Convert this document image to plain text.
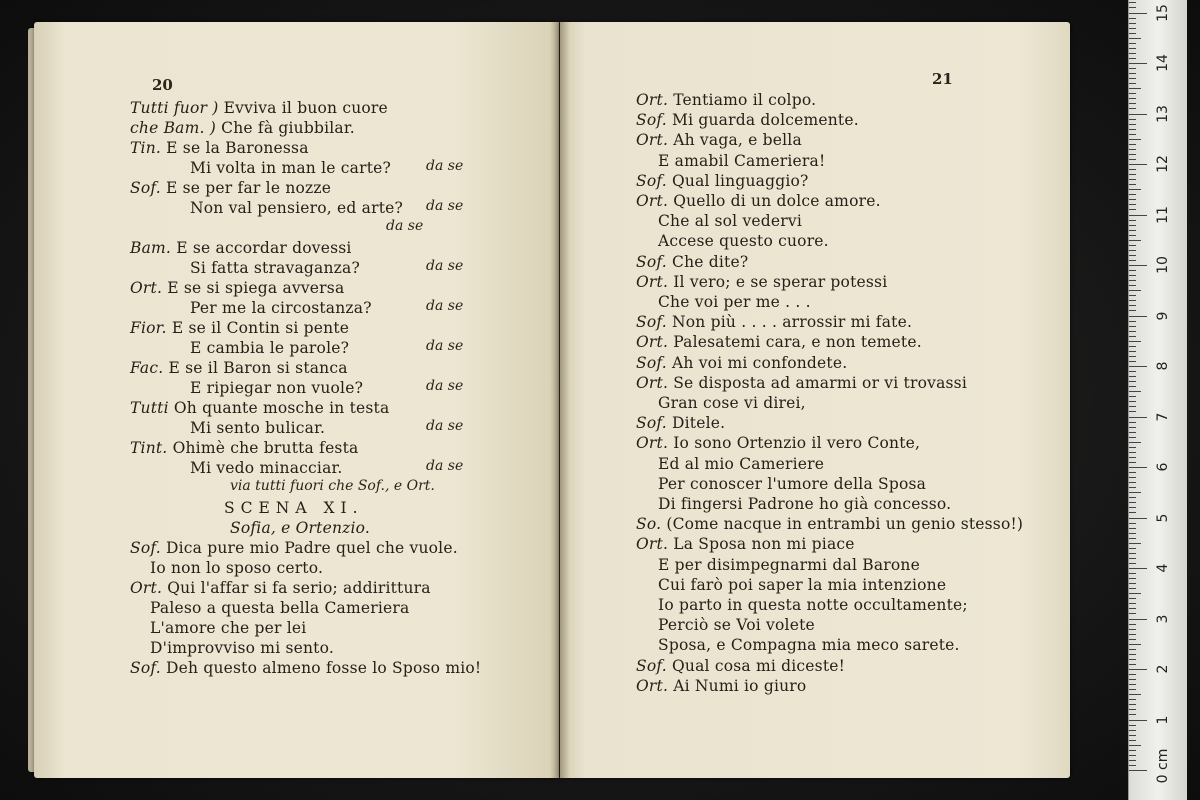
20
Tutti fuor ) Evviva il buon cuore
che Bam. ) Che fà giubbilar.
Tin. E se la Baronessa
Mi volta in man le carte? da se
Sof. E se per far le nozze
Non val pensiero, ed arte? da se
da se
Bam. E se accordar dovessi
Si fatta stravaganza?	da se
Ort. E se si spiega avversa
Per me la circostanza?	da se
Fior. E se il Contin si pente
E cambia le parole?	da se
Fac. E se il Baron si stanca
E ripiegar non vuole?	da se
Tutti Oh quante mosche in testa
Mi sento bulicar.	da se
Tint. Ohimè che brutta festa
Mi vedo minacciar.	da se
via tutti fuori che Sof., e Ort.
SCENA XI.
Sofia, e Ortenzio.
Sof. Dica pure mio Padre quel che vuole.
Io non lo sposo certo.
Ort. Qui l'affar si fa serio; addirittura
Paleso a questa bella Cameriera
L'amore che per lei
D'improvviso mi sento.
Sof. Deh questo almeno fosse lo Sposo mio!
21
Ort. Tentiamo il colpo.
Sof. Mi guarda dolcemente.
Ort. Ah vaga, e bella
E amabil Cameriera!
Sof. Qual linguaggio?
Ort. Quello di un dolce amore.
Che al sol vedervi
Accese questo cuore.
Sof. Che dite?
Ort. Il vero; e se sperar potessi
Che voi per me . . .
Sof. Non più . . . . arrossir mi fate.
Ort. Palesatemi cara, e non temete.
Sof. Ah voi mi confondete.
Ort. Se disposta ad amarmi or vi trovassi
Gran cose vi direi,
Sof. Ditele.
Ort. Io sono Ortenzio il vero Conte,
Ed al mio Cameriere
Per conoscer l'umore della Sposa
Di fingersi Padrone ho già concesso.
So. (Come nacque in entrambi un genio stesso!)
Ort. La Sposa non mi piace
E per disimpegnarmi dal Barone
Cui farò poi saper la mia intenzione
Io parto in questa notte occultamente;
Perciò se Voi volete
Sposa, e Compagna mia meco sarete.
Sof. Qual cosa mi diceste!
Ort. Ai Numi io giuro
0 cm
1
2
3
4
5
6
7
8
9
10
11
12
13
14
15
